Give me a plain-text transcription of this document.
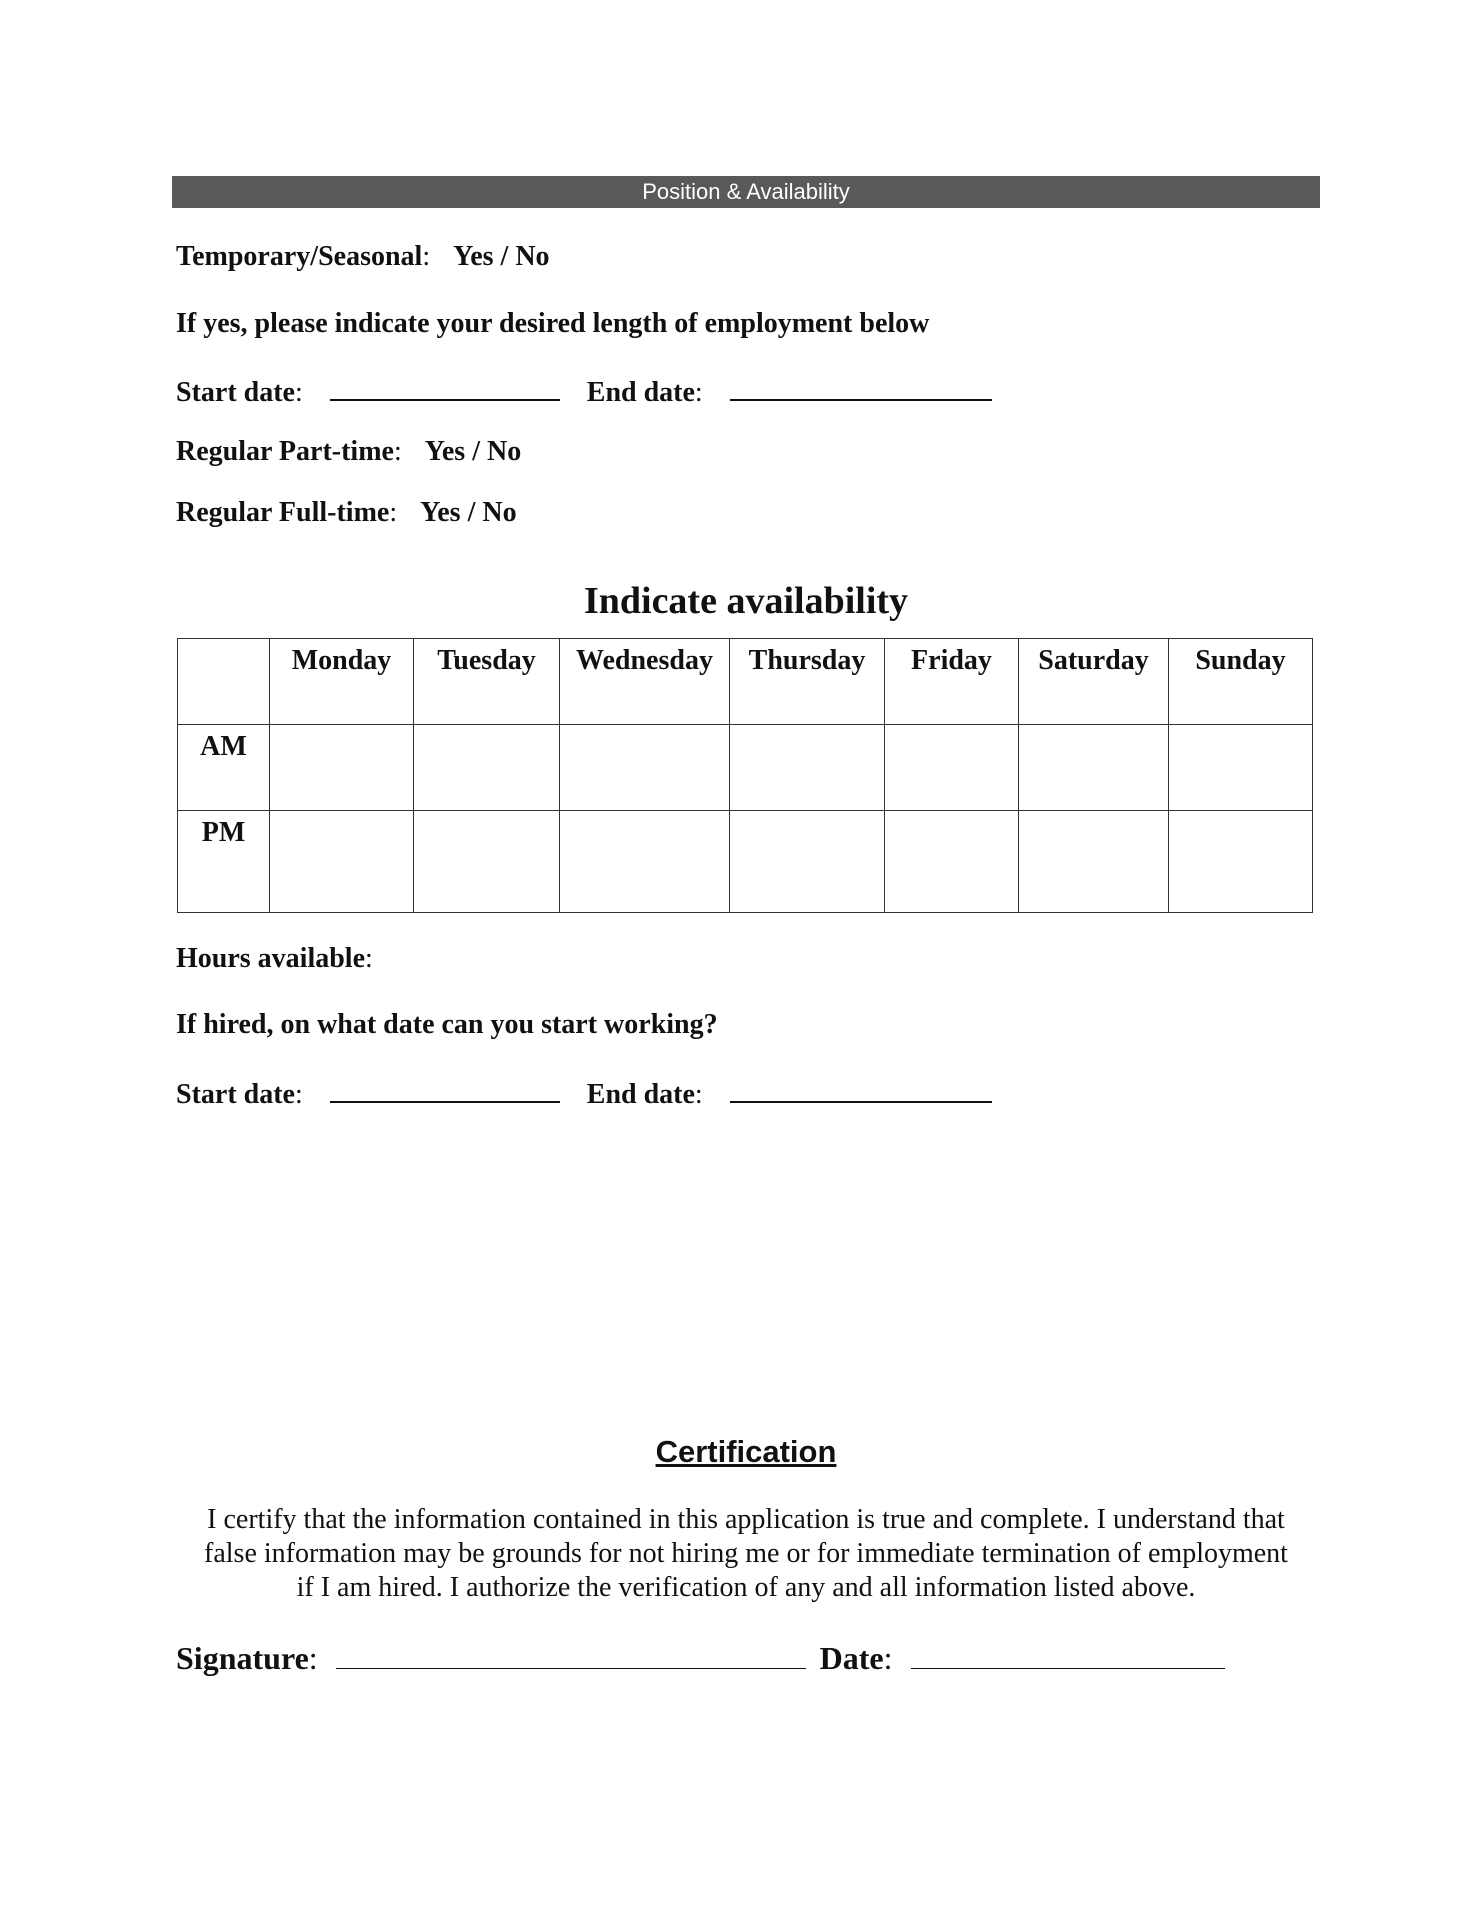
Position & Availability
Temporary/Seasonal: Yes / No
If yes, please indicate your desired length of employment below
Start date:	End date:
Regular Part-time: Yes / No
Regular Full-time: Yes / No
Indicate availability
	Monday	Tuesday	Wednesday	Thursday	Friday	Saturday	Sunday
AM							
PM							
Hours available:
If hired, on what date can you start working?
Start date:	End date:
Certification
I certify that the information contained in this application is true and complete. I understand that
false information may be grounds for not hiring me or for immediate termination of employment
if I am hired. I authorize the verification of any and all information listed above.
Signature:	Date:
